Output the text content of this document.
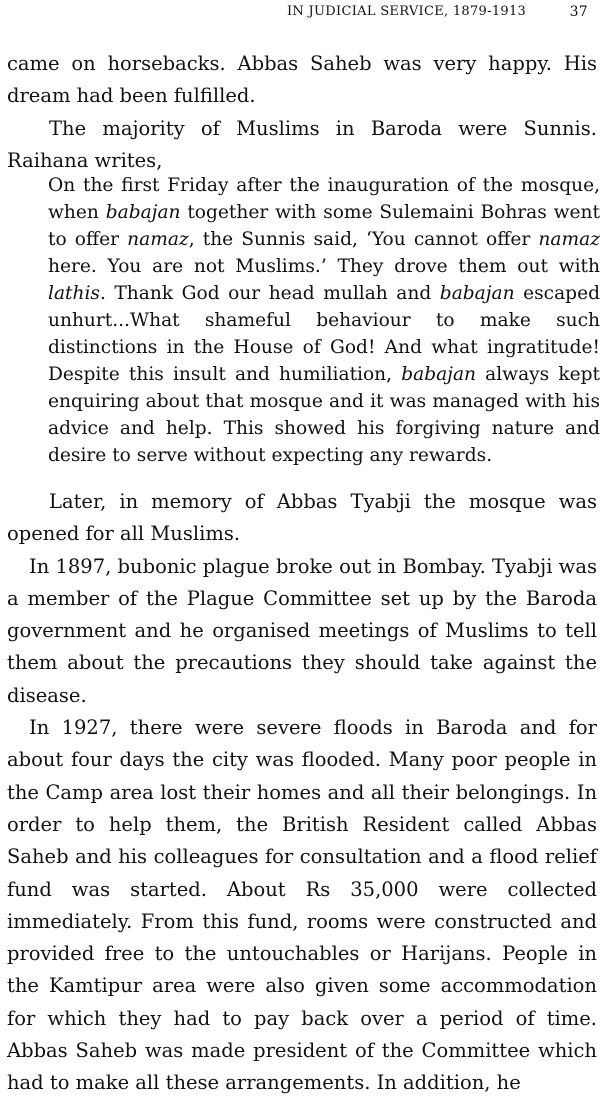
IN JUDICIAL SERVICE, 1879-1913	37

came on horsebacks. Abbas Saheb was very happy. His dream had been fulfilled.

The majority of Muslims in Baroda were Sunnis. Raihana writes,

On the first Friday after the inauguration of the mosque, when babajan together with some Sulemaini Bohras went to offer namaz, the Sunnis said, ‘You cannot offer namaz here. You are not Muslims.’ They drove them out with lathis. Thank God our head mullah and babajan escaped unhurt...What shameful behaviour to make such distinctions in the House of God! And what ingratitude! Despite this insult and humiliation, babajan always kept enquiring about that mosque and it was managed with his advice and help. This showed his forgiving nature and desire to serve without expecting any rewards.

Later, in memory of Abbas Tyabji the mosque was opened for all Muslims.

In 1897, bubonic plague broke out in Bombay. Tyabji was a member of the Plague Committee set up by the Baroda government and he organised meetings of Muslims to tell them about the precautions they should take against the disease.

In 1927, there were severe floods in Baroda and for about four days the city was flooded. Many poor people in the Camp area lost their homes and all their belongings. In order to help them, the British Resident called Abbas Saheb and his colleagues for consultation and a flood relief fund was started. About Rs 35,000 were collected immediately. From this fund, rooms were constructed and provided free to the untouchables or Harijans. People in the Kamtipur area were also given some accommodation for which they had to pay back over a period of time. Abbas Saheb was made president of the Committee which had to make all these arrangements. In addition, he
